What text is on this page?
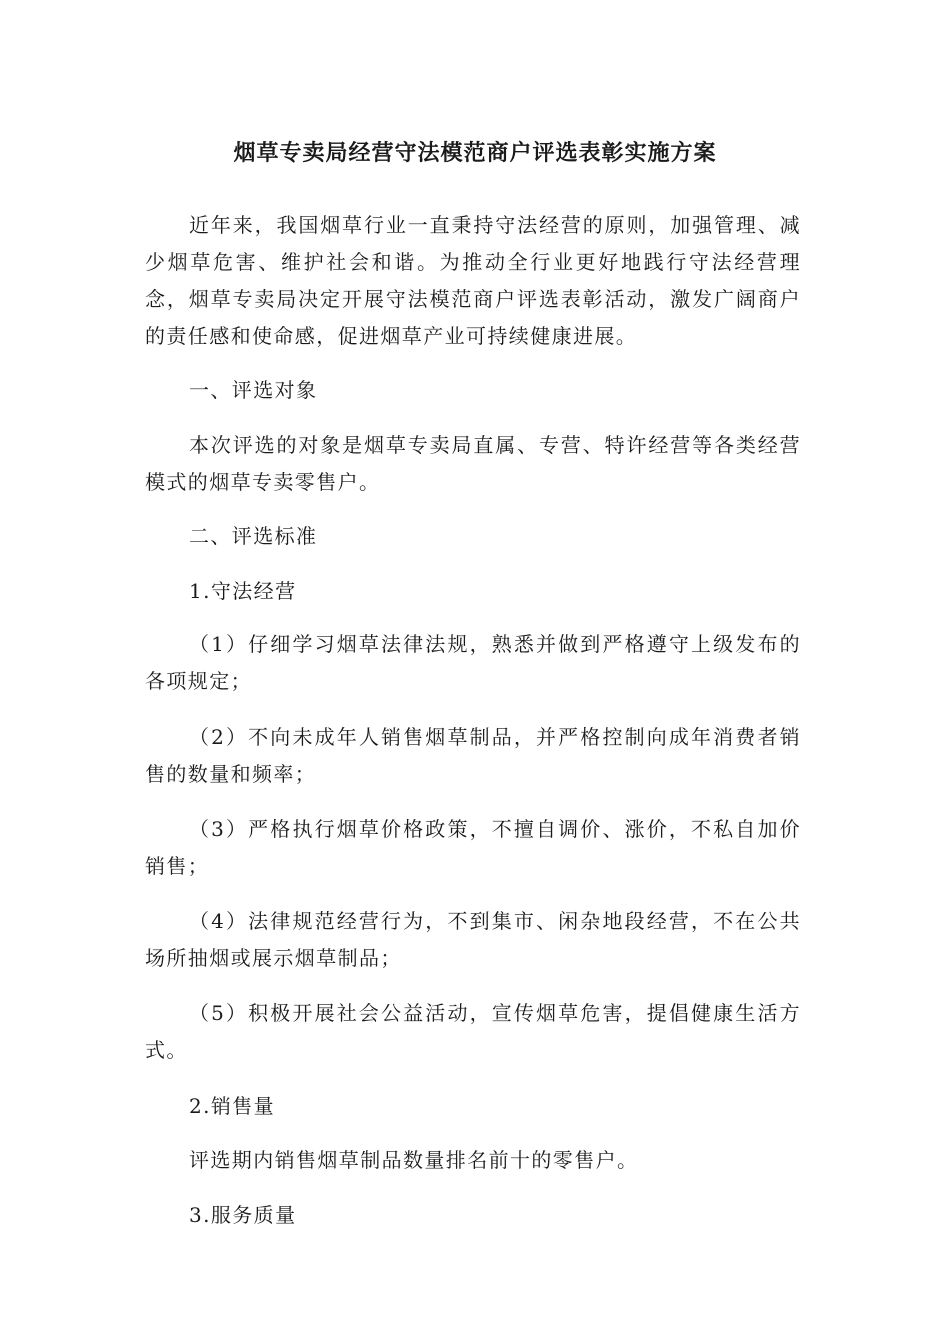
烟草专卖局经营守法模范商户评选表彰实施方案

近年来，我国烟草行业一直秉持守法经营的原则，加强管理、减少烟草危害、维护社会和谐。为推动全行业更好地践行守法经营理念，烟草专卖局决定开展守法模范商户评选表彰活动，激发广阔商户的责任感和使命感，促进烟草产业可持续健康进展。

一、评选对象

本次评选的对象是烟草专卖局直属、专营、特许经营等各类经营模式的烟草专卖零售户。

二、评选标准

1.守法经营

（1）仔细学习烟草法律法规，熟悉并做到严格遵守上级发布的各项规定；

（2）不向未成年人销售烟草制品，并严格控制向成年消费者销售的数量和频率；

（3）严格执行烟草价格政策，不擅自调价、涨价，不私自加价销售；

（4）法律规范经营行为，不到集市、闲杂地段经营，不在公共场所抽烟或展示烟草制品；

（5）积极开展社会公益活动，宣传烟草危害，提倡健康生活方式。

2.销售量

评选期内销售烟草制品数量排名前十的零售户。

3.服务质量
